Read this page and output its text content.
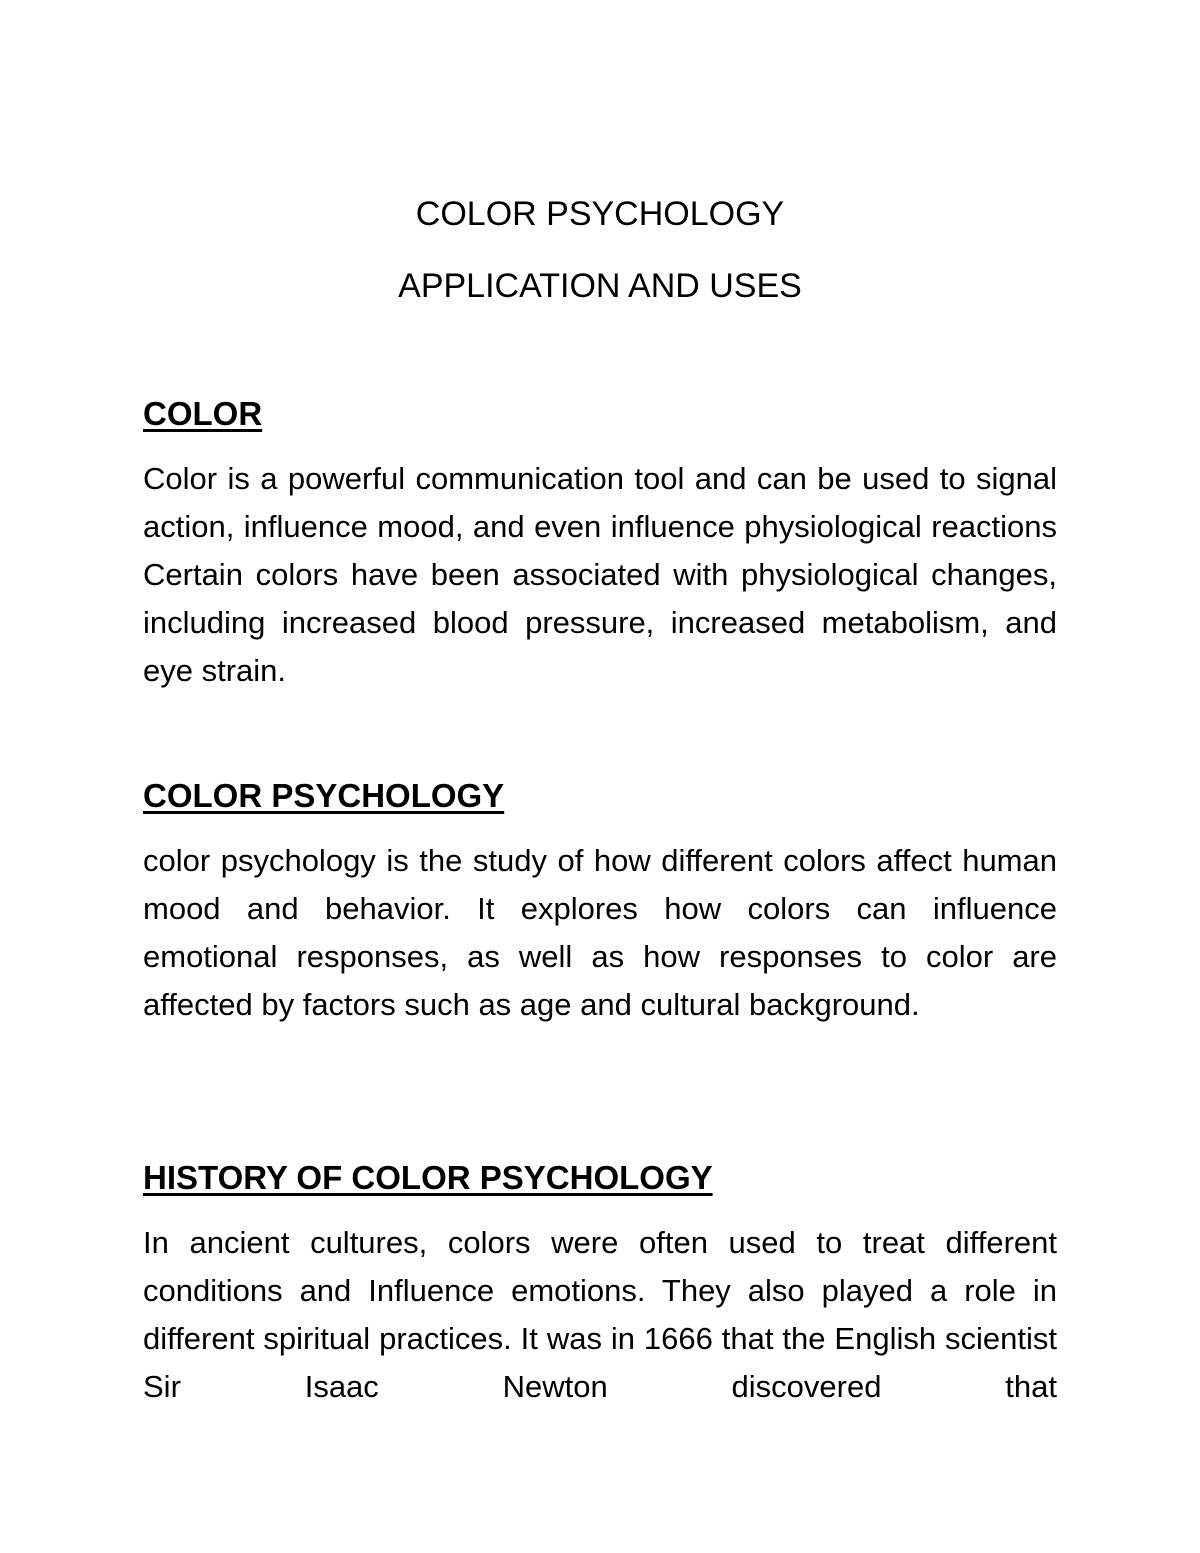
COLOR PSYCHOLOGY
APPLICATION AND USES
COLOR
Color is a powerful communication tool and can be used to signal action, influence mood, and even influence physiological reactions Certain colors have been associated with physiological changes, including increased blood pressure, increased metabolism, and eye strain.
COLOR PSYCHOLOGY
color psychology is the study of how different colors affect human mood and behavior. It explores how colors can influence emotional responses, as well as how responses to color are affected by factors such as age and cultural background.
HISTORY OF COLOR PSYCHOLOGY
In ancient cultures, colors were often used to treat different conditions and Influence emotions. They also played a role in different spiritual practices. It was in 1666 that the English scientist Sir Isaac Newton discovered that
